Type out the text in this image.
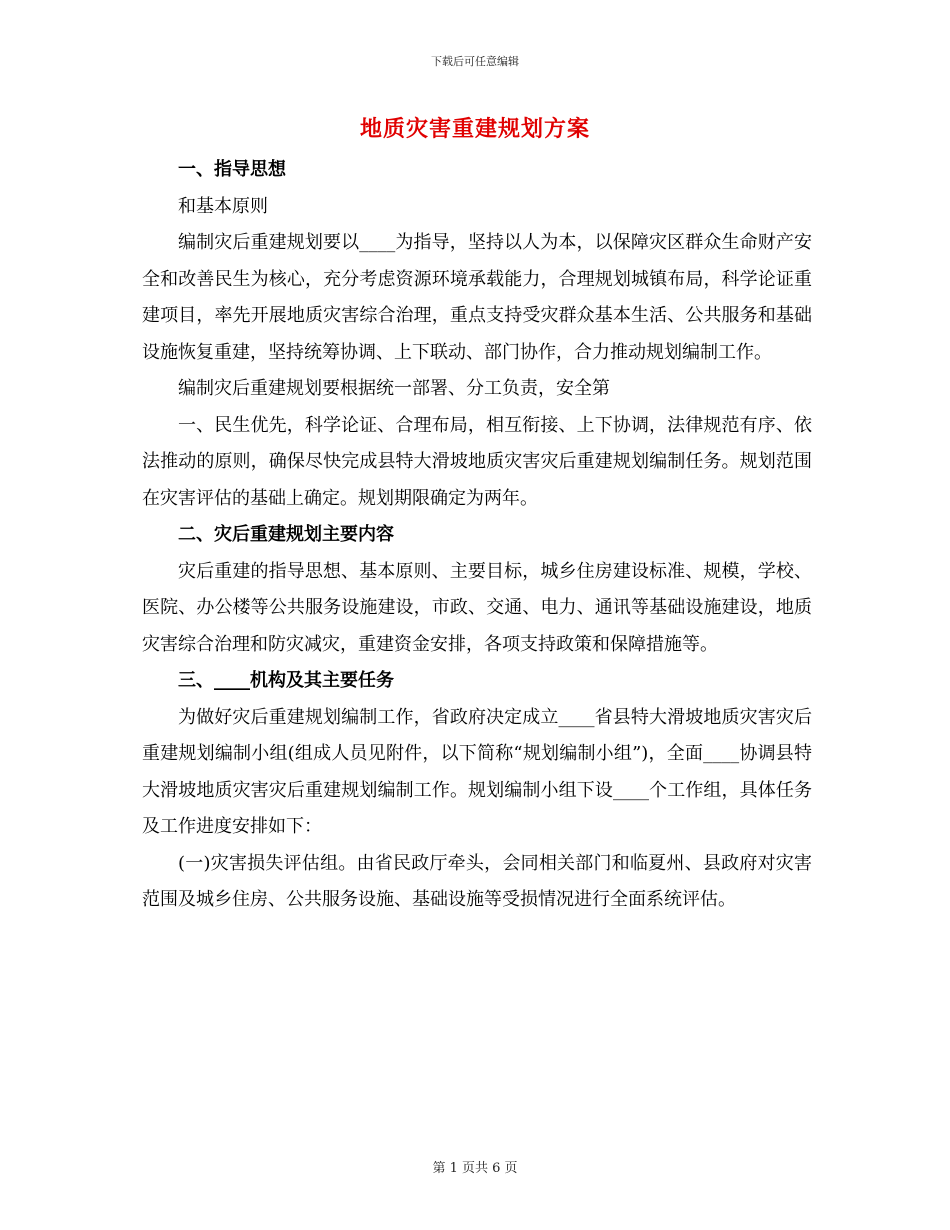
下载后可任意编辑
地质灾害重建规划方案

一、指导思想

和基本原则

编制灾后重建规划要以____为指导，坚持以人为本，以保障灾区群众生命财产安全和改善民生为核心，充分考虑资源环境承载能力，合理规划城镇布局，科学论证重建项目，率先开展地质灾害综合治理，重点支持受灾群众基本生活、公共服务和基础设施恢复重建，坚持统筹协调、上下联动、部门协作，合力推动规划编制工作。

编制灾后重建规划要根据统一部署、分工负责，安全第

一、民生优先，科学论证、合理布局，相互衔接、上下协调，法律规范有序、依法推动的原则，确保尽快完成县特大滑坡地质灾害灾后重建规划编制任务。规划范围在灾害评估的基础上确定。规划期限确定为两年。

二、灾后重建规划主要内容

灾后重建的指导思想、基本原则、主要目标，城乡住房建设标准、规模，学校、医院、办公楼等公共服务设施建设，市政、交通、电力、通讯等基础设施建设，地质灾害综合治理和防灾减灾，重建资金安排，各项支持政策和保障措施等。

三、____机构及其主要任务

为做好灾后重建规划编制工作，省政府决定成立____省县特大滑坡地质灾害灾后重建规划编制小组(组成人员见附件，以下简称“规划编制小组”)，全面____协调县特大滑坡地质灾害灾后重建规划编制工作。规划编制小组下设____个工作组，具体任务及工作进度安排如下：

(一)灾害损失评估组。由省民政厅牵头，会同相关部门和临夏州、县政府对灾害范围及城乡住房、公共服务设施、基础设施等受损情况进行全面系统评估。

第 1 页共 6 页
